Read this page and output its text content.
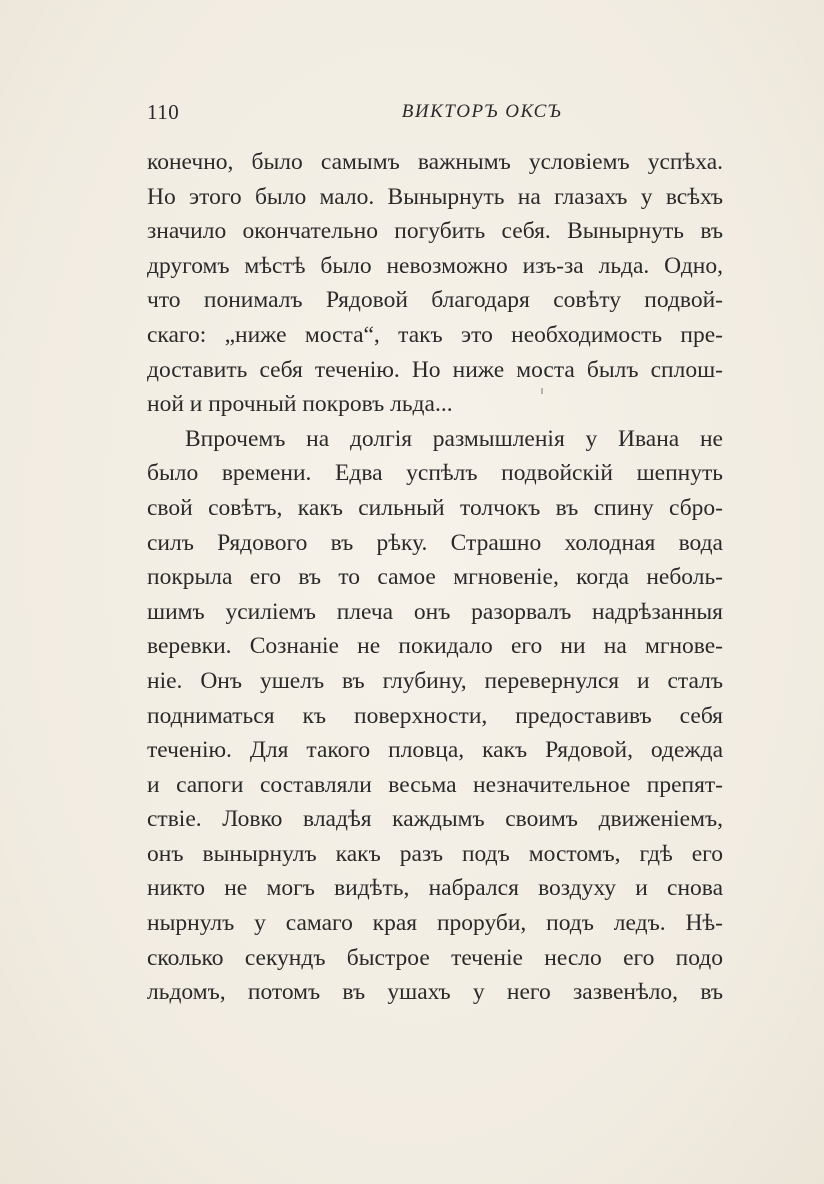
110	ВИКТОРЪ ОКСЪ
конечно, было самымъ важнымъ условіемъ успѣха.
Но этого было мало. Вынырнуть на глазахъ у всѣхъ
значило окончательно погубить себя. Вынырнуть въ
другомъ мѣстѣ было невозможно изъ-за льда. Одно,
что понималъ Рядовой благодаря совѣту подвой-
скаго: „ниже моста“, такъ это необходимость пре-
доставить себя теченію. Но ниже моста былъ сплош-
ной и прочный покровъ льда...
Впрочемъ на долгія размышленія у Ивана не
было времени. Едва успѣлъ подвойскій шепнуть
свой совѣтъ, какъ сильный толчокъ въ спину сбро-
силъ Рядового въ рѣку. Страшно холодная вода
покрыла его въ то самое мгновеніе, когда неболь-
шимъ усиліемъ плеча онъ разорвалъ надрѣзанныя
веревки. Сознаніе не покидало его ни на мгнове-
ніе. Онъ ушелъ въ глубину, перевернулся и сталъ
подниматься къ поверхности, предоставивъ себя
теченію. Для такого пловца, какъ Рядовой, одежда
и сапоги составляли весьма незначительное препят-
ствіе. Ловко владѣя каждымъ своимъ движеніемъ,
онъ вынырнулъ какъ разъ подъ мостомъ, гдѣ его
никто не могъ видѣть, набрался воздуху и снова
нырнулъ у самаго края проруби, подъ ледъ. Нѣ-
сколько секундъ быстрое теченіе несло его подо
льдомъ, потомъ въ ушахъ у него зазвенѣло, въ
